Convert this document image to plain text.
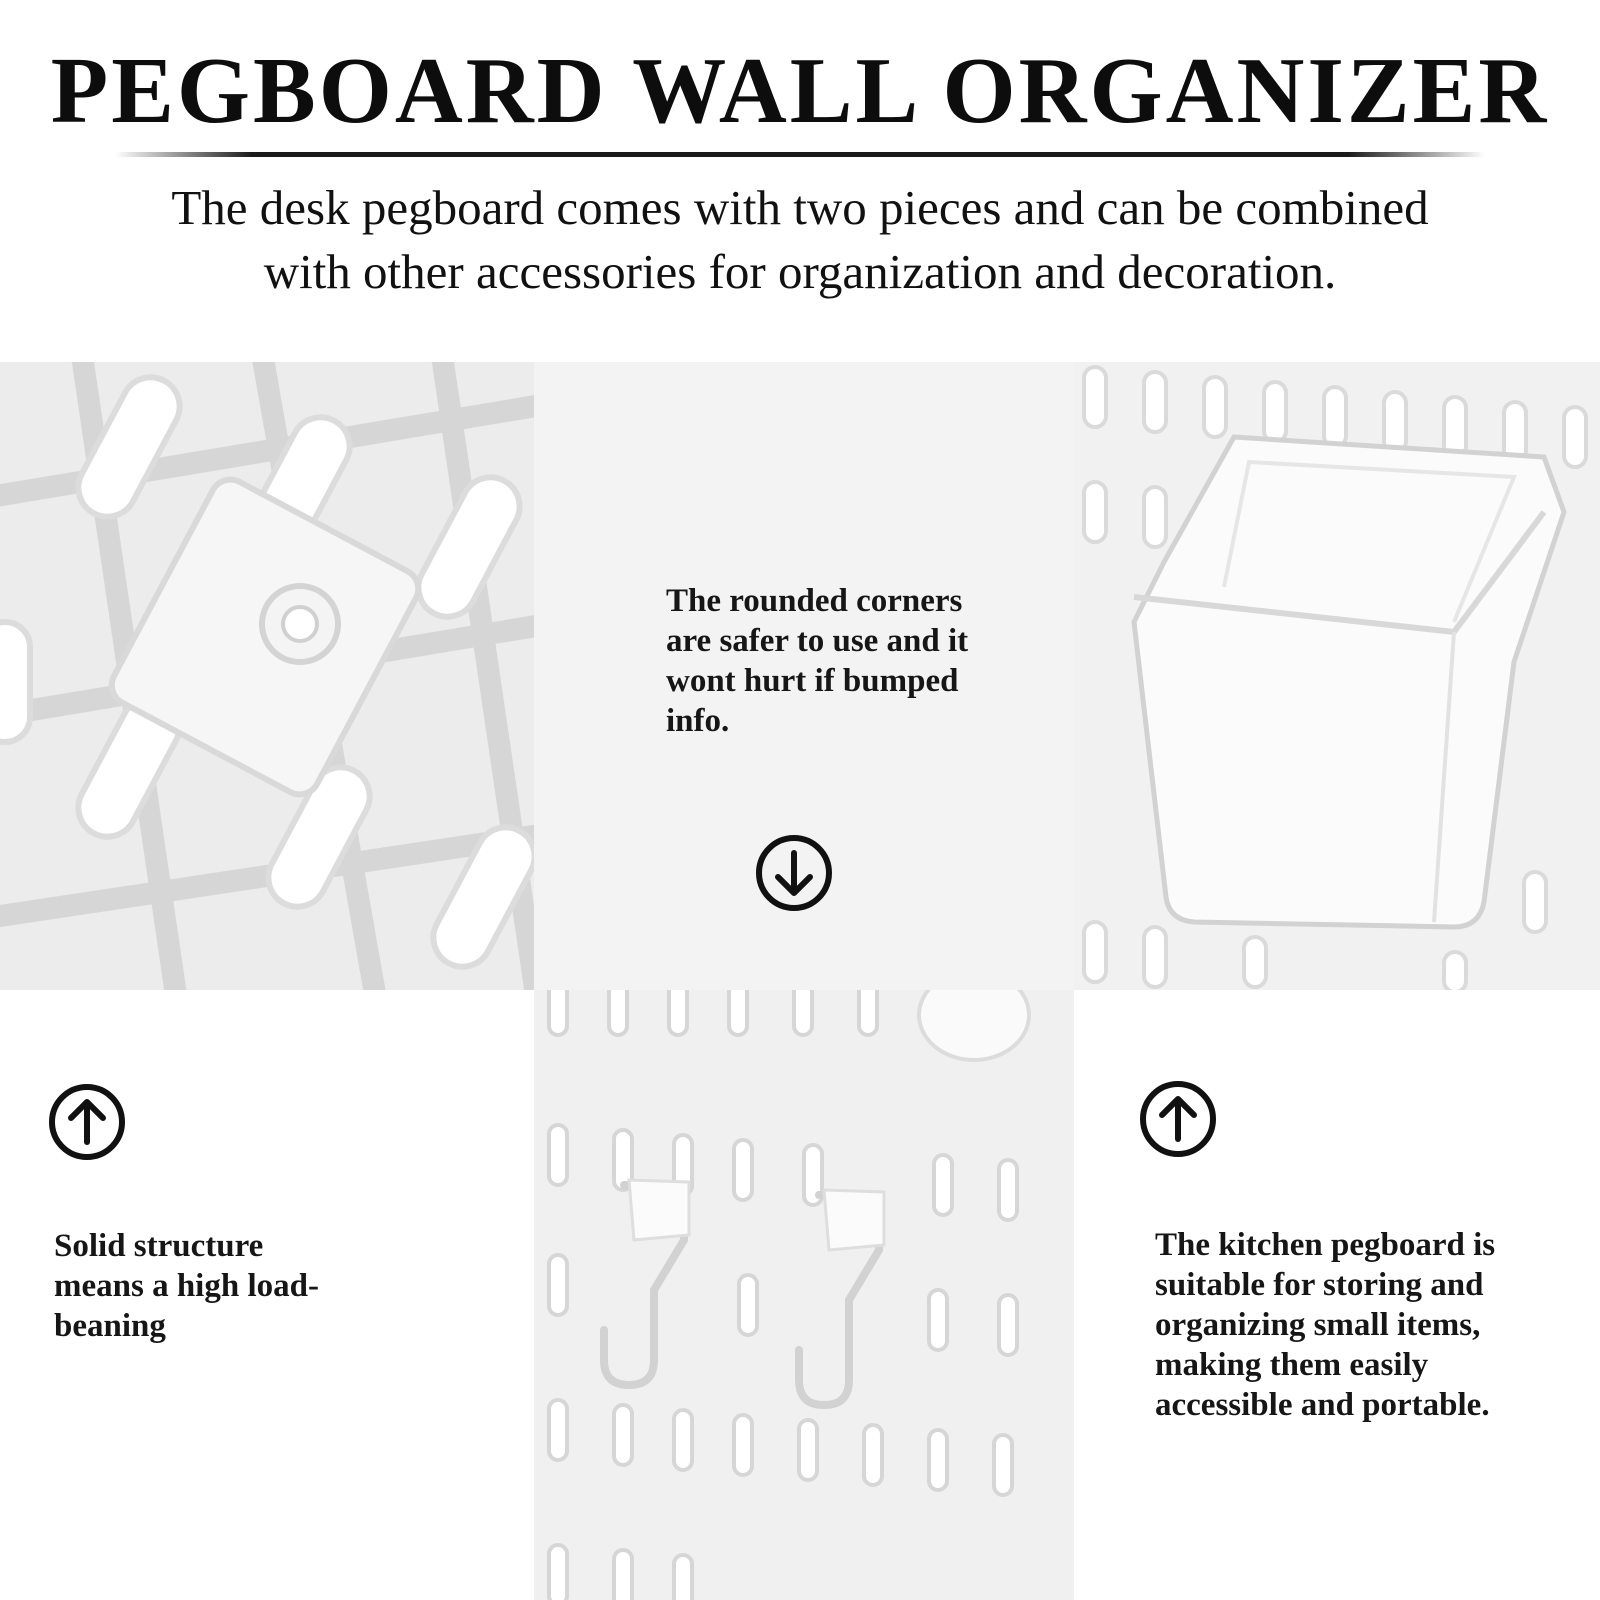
PEGBOARD WALL ORGANIZER
The desk pegboard comes with two pieces and can be combined
with other accessories for organization and decoration.
The rounded corners are safer to use and it wont hurt if bumped info.
Solid structure means a high load-beaning
The kitchen pegboard is suitable for storing and organizing small items, making them easily accessible and portable.
